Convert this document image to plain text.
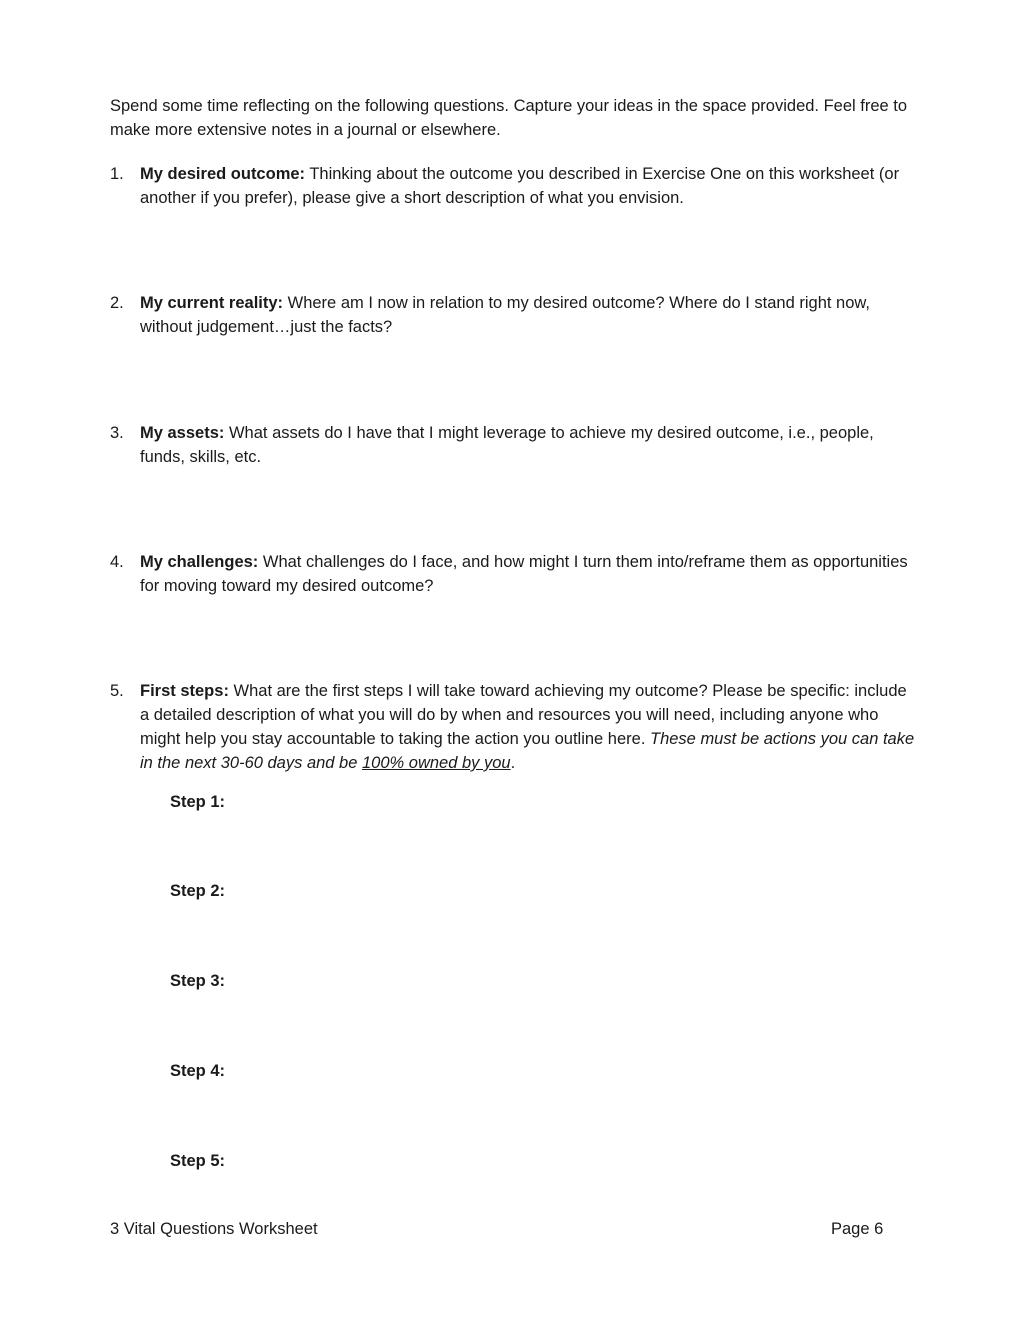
Spend some time reflecting on the following questions. Capture your ideas in the space provided. Feel free to make more extensive notes in a journal or elsewhere.
1. My desired outcome: Thinking about the outcome you described in Exercise One on this worksheet (or another if you prefer), please give a short description of what you envision.
2. My current reality: Where am I now in relation to my desired outcome? Where do I stand right now, without judgement…just the facts?
3. My assets: What assets do I have that I might leverage to achieve my desired outcome, i.e., people, funds, skills, etc.
4. My challenges: What challenges do I face, and how might I turn them into/reframe them as opportunities for moving toward my desired outcome?
5. First steps: What are the first steps I will take toward achieving my outcome? Please be specific: include a detailed description of what you will do by when and resources you will need, including anyone who might help you stay accountable to taking the action you outline here. These must be actions you can take in the next 30-60 days and be 100% owned by you.
Step 1:
Step 2:
Step 3:
Step 4:
Step 5:
3 Vital Questions Worksheet	Page 6
